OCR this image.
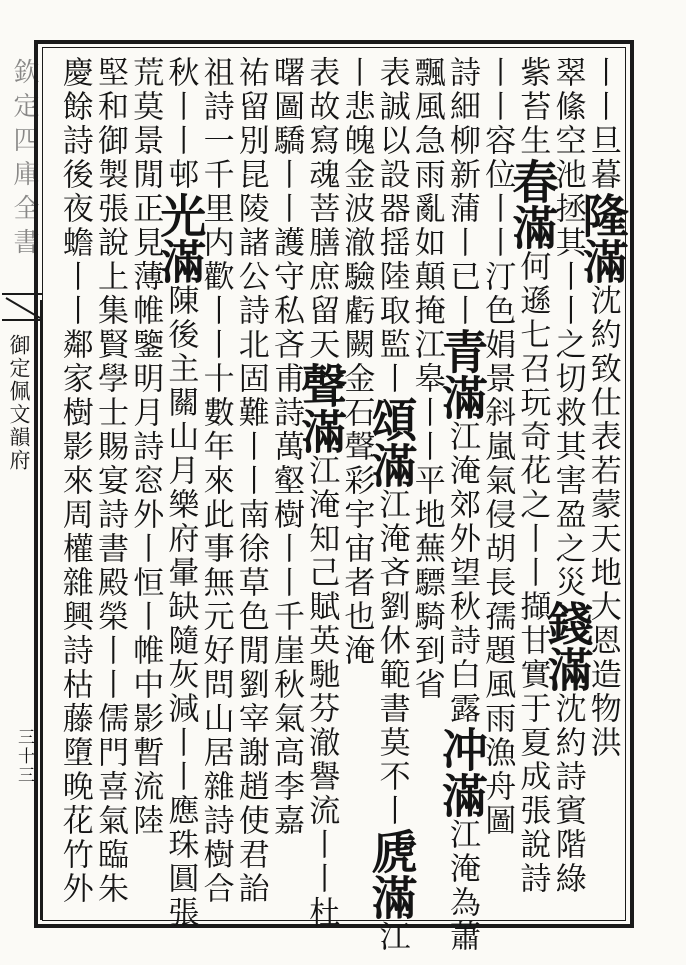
欽定四庫全書
御定佩文韻府
三十三
丨丨旦暮隆滿沈約致仕表若蒙天地大恩造物洪
翠絛空池拯其丨丨之切救其害盈之災錢滿沈約詩賓階綠
紫苔生春滿何遜七召玩奇花之丨丨擷甘實于夏成張說詩
丨丨容位丨丨汀色娟景斜嵐氣侵胡長孺題風雨漁舟圖
詩細柳新蒲丨已丨青滿江淹郊外望秋詩白露冲滿江淹為蕭
飄風急雨亂如顛掩江皋丨丨平地蕪驃騎到省
表誠以設器揺陸取監丨頌滿江淹吝劉休範書莫不丨虒滿江
丨悲魄金波澈驗虧闕金石聲彩宇宙者也淹
表故寫魂菩膳庶留天聲滿江淹知己賦英馳芬澈譽流丨丨杜
曙圖驕丨丨護守私吝甫詩萬壑樹丨丨千崖秋氣高李嘉
祐留別昆陵諸公詩北固難丨丨南徐草色閒劉宰謝趙使君詒
祖詩一千里内歡丨丨十數年來此事無元好問山居雜詩樹合
秋丨丨邨光滿陳後主關山月樂府暈缺隨灰減丨丨應珠圓張
荒莫景閒正見薄帷鑒明月詩窓外丨恒丨帷中影暫流陸
堅和御製張說上集賢學士賜宴詩書殿榮丨丨儒門喜氣臨朱
慶餘詩後夜蟾丨丨鄰家樹影來周權雜興詩枯藤墮晚花竹外
